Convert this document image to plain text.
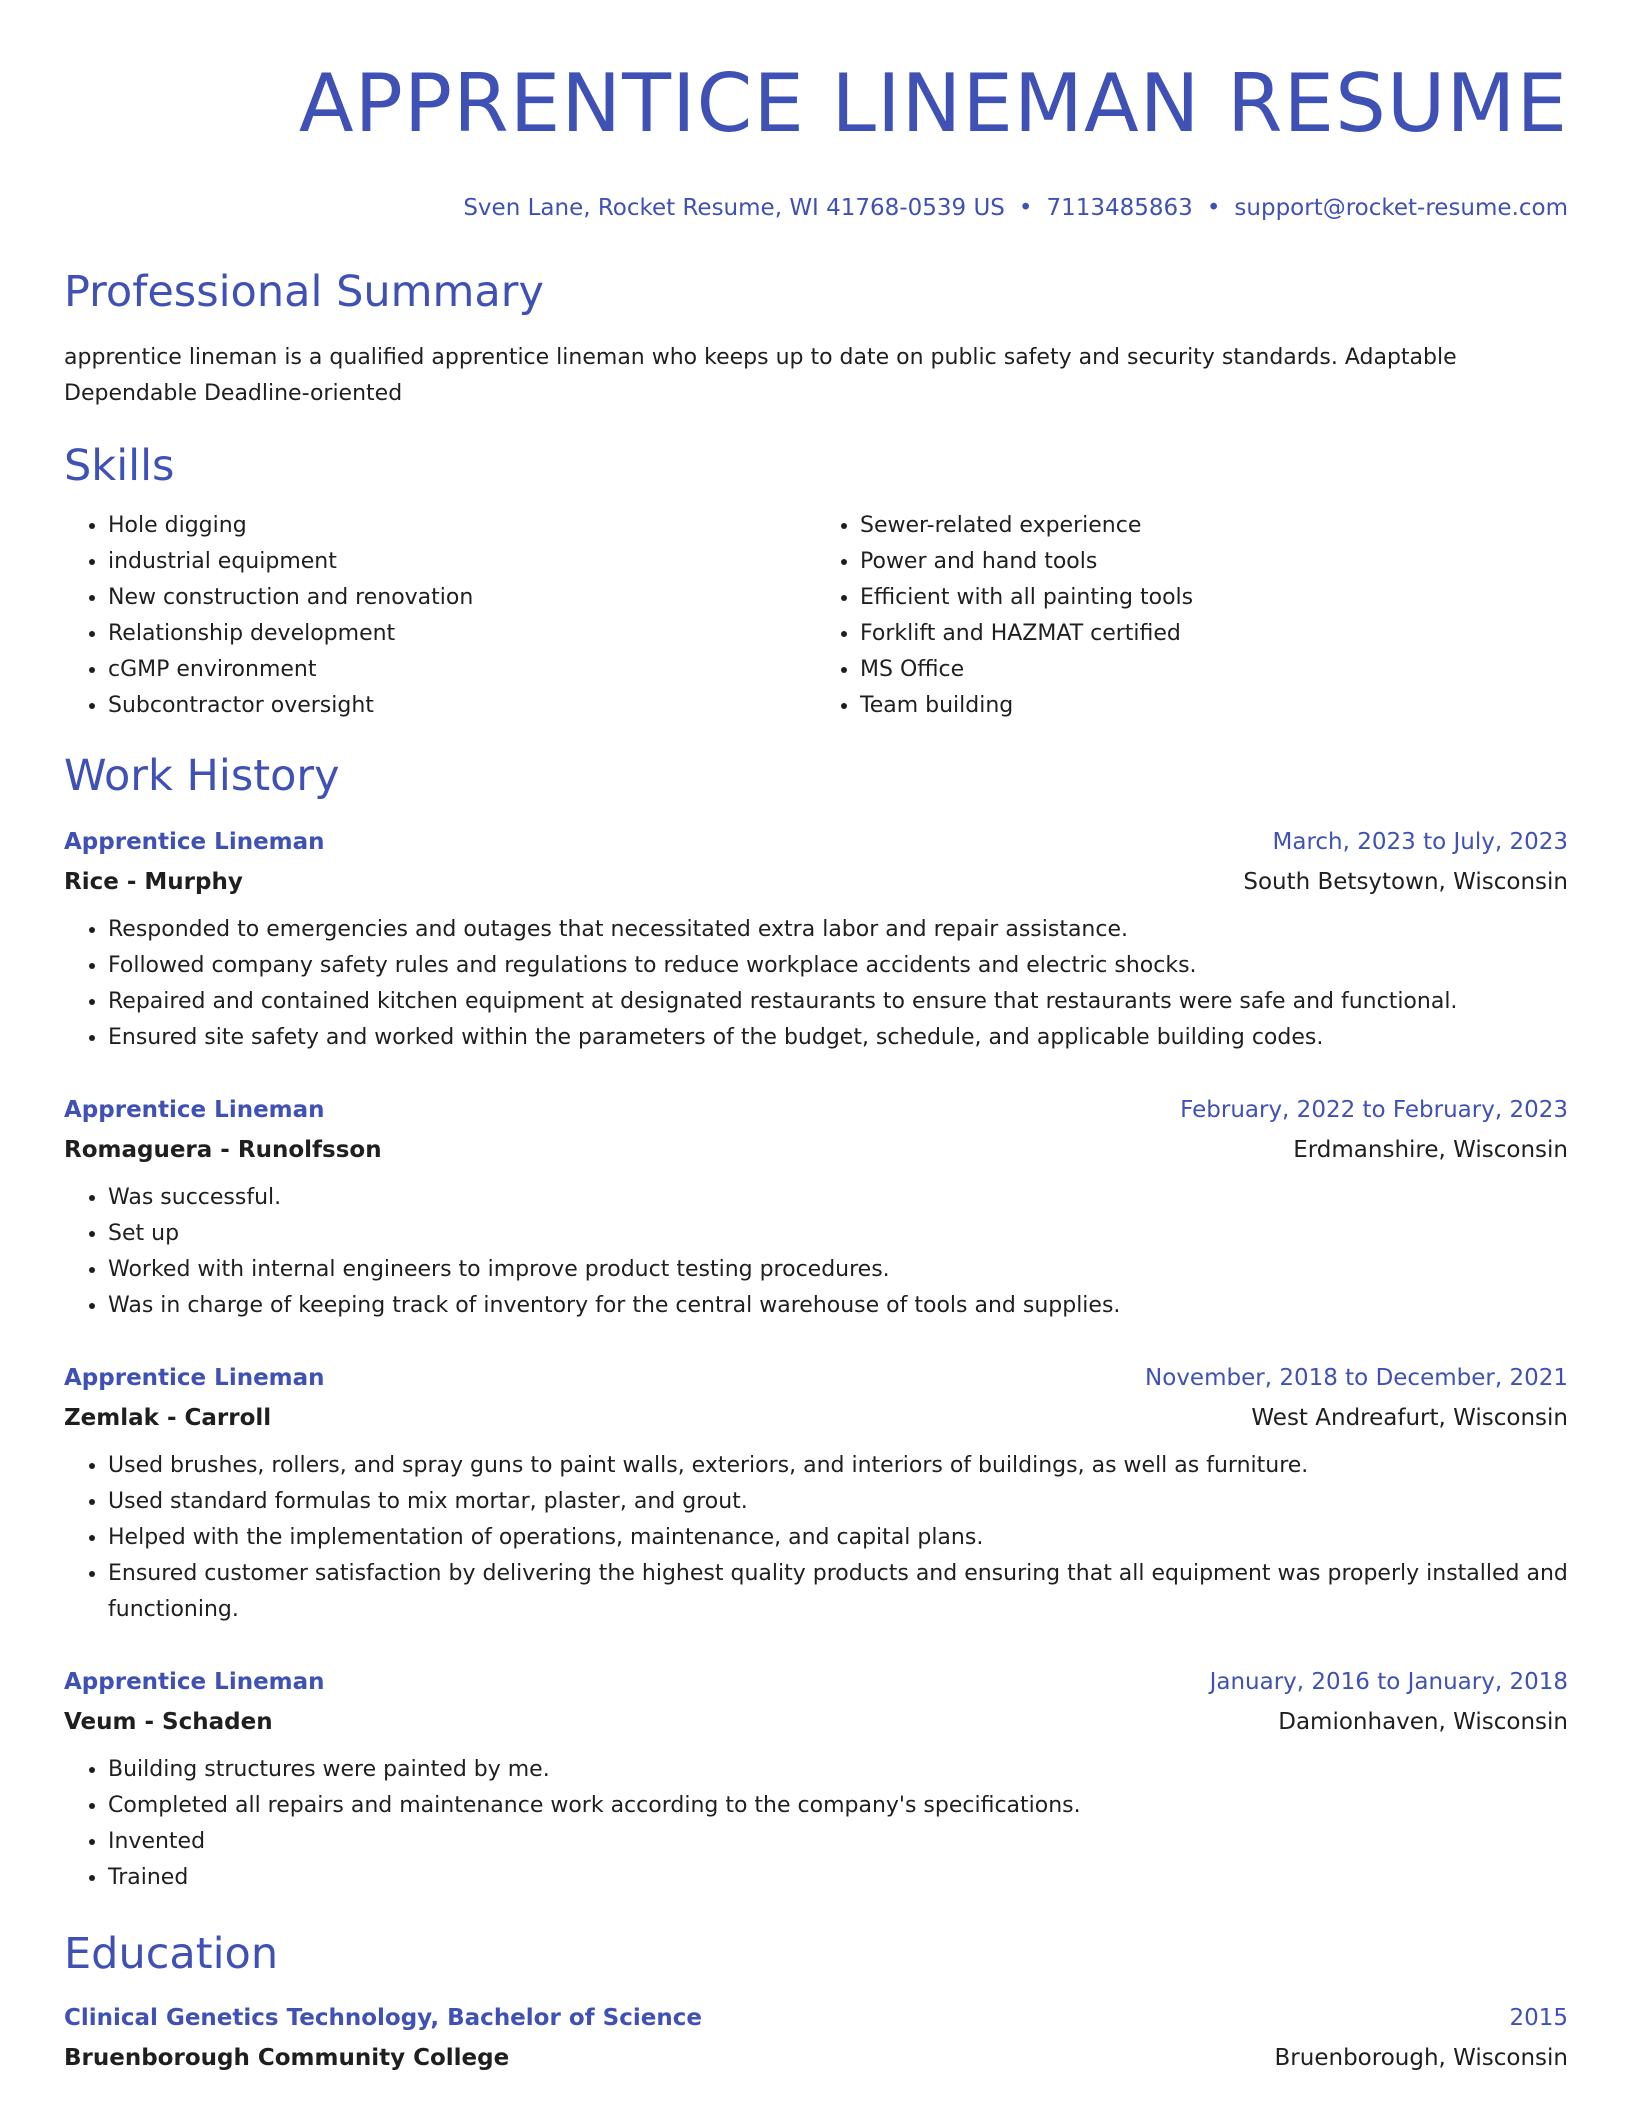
APPRENTICE LINEMAN RESUME
Sven Lane, Rocket Resume, WI 41768-0539 US • 7113485863 • support@rocket-resume.com
Professional Summary
apprentice lineman is a qualified apprentice lineman who keeps up to date on public safety and security standards. Adaptable Dependable Deadline-oriented
Skills
• Hole digging
• industrial equipment
• New construction and renovation
• Relationship development
• cGMP environment
• Subcontractor oversight
• Sewer-related experience
• Power and hand tools
• Efficient with all painting tools
• Forklift and HAZMAT certified
• MS Office
• Team building
Work History
Apprentice Lineman	March, 2023 to July, 2023
Rice - Murphy	South Betsytown, Wisconsin
• Responded to emergencies and outages that necessitated extra labor and repair assistance.
• Followed company safety rules and regulations to reduce workplace accidents and electric shocks.
• Repaired and contained kitchen equipment at designated restaurants to ensure that restaurants were safe and functional.
• Ensured site safety and worked within the parameters of the budget, schedule, and applicable building codes.
Apprentice Lineman	February, 2022 to February, 2023
Romaguera - Runolfsson	Erdmanshire, Wisconsin
• Was successful.
• Set up
• Worked with internal engineers to improve product testing procedures.
• Was in charge of keeping track of inventory for the central warehouse of tools and supplies.
Apprentice Lineman	November, 2018 to December, 2021
Zemlak - Carroll	West Andreafurt, Wisconsin
• Used brushes, rollers, and spray guns to paint walls, exteriors, and interiors of buildings, as well as furniture.
• Used standard formulas to mix mortar, plaster, and grout.
• Helped with the implementation of operations, maintenance, and capital plans.
• Ensured customer satisfaction by delivering the highest quality products and ensuring that all equipment was properly installed and functioning.
Apprentice Lineman	January, 2016 to January, 2018
Veum - Schaden	Damionhaven, Wisconsin
• Building structures were painted by me.
• Completed all repairs and maintenance work according to the company's specifications.
• Invented
• Trained
Education
Clinical Genetics Technology, Bachelor of Science	2015
Bruenborough Community College	Bruenborough, Wisconsin
